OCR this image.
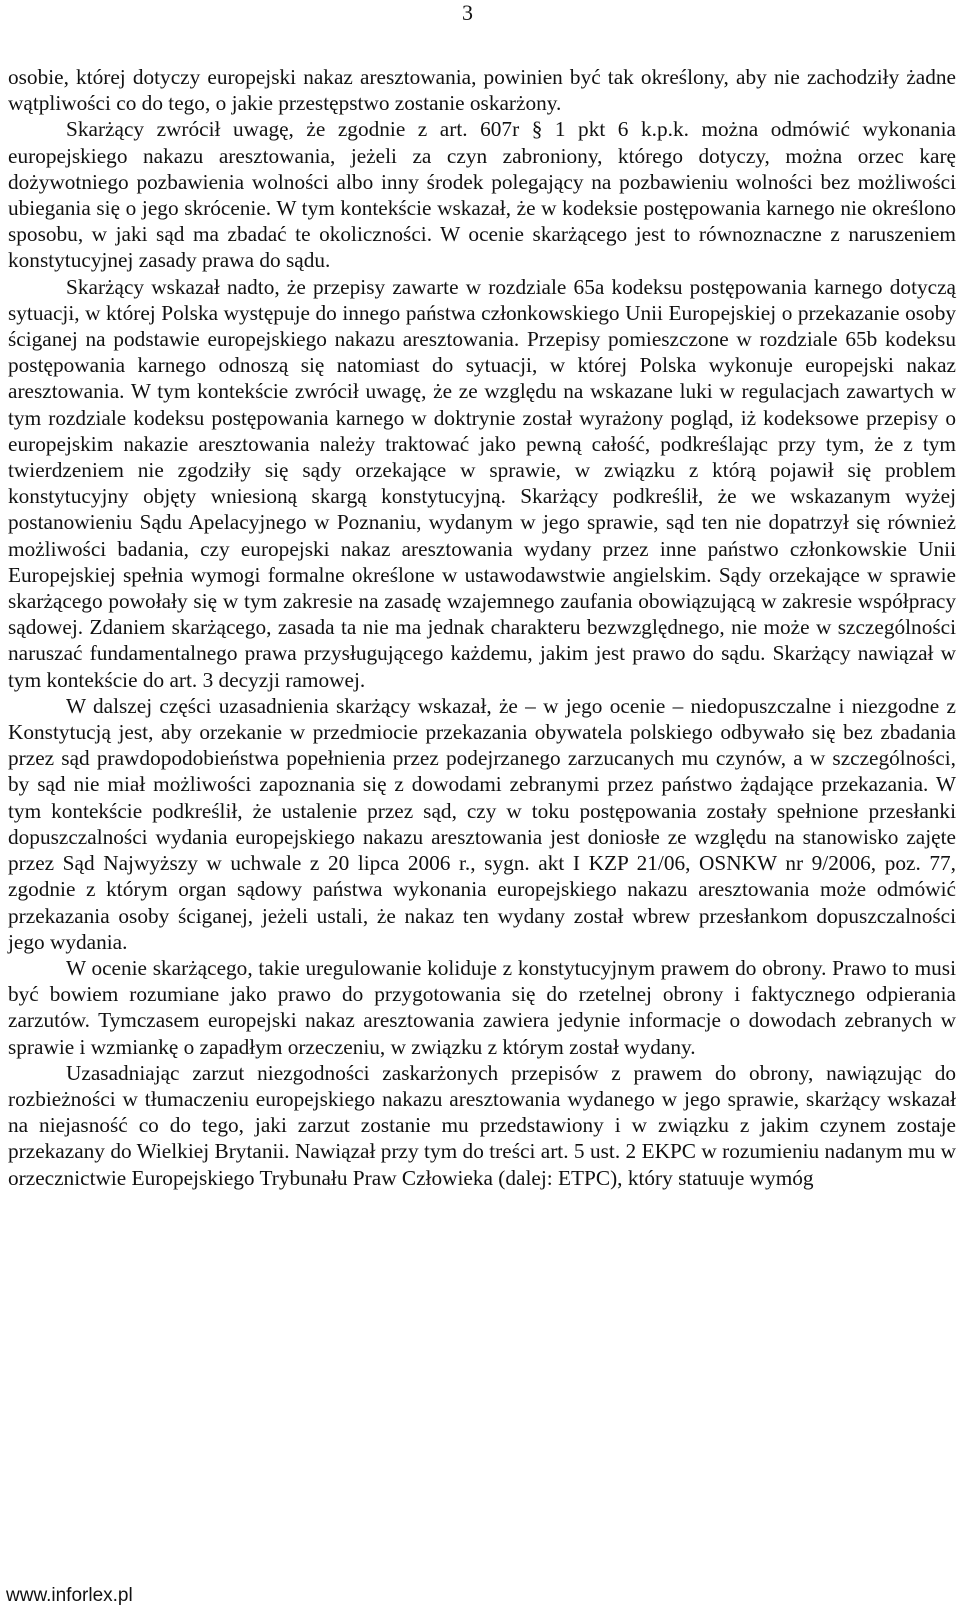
3

osobie, której dotyczy europejski nakaz aresztowania, powinien być tak określony, aby nie zachodziły żadne wątpliwości co do tego, o jakie przestępstwo zostanie oskarżony.

Skarżący zwrócił uwagę, że zgodnie z art. 607r § 1 pkt 6 k.p.k. można odmówić wykonania europejskiego nakazu aresztowania, jeżeli za czyn zabroniony, którego dotyczy, można orzec karę dożywotniego pozbawienia wolności albo inny środek polegający na pozbawieniu wolności bez możliwości ubiegania się o jego skrócenie. W tym kontekście wskazał, że w kodeksie postępowania karnego nie określono sposobu, w jaki sąd ma zbadać te okoliczności. W ocenie skarżącego jest to równoznaczne z naruszeniem konstytucyjnej zasady prawa do sądu.

Skarżący wskazał nadto, że przepisy zawarte w rozdziale 65a kodeksu postępowania karnego dotyczą sytuacji, w której Polska występuje do innego państwa członkowskiego Unii Europejskiej o przekazanie osoby ściganej na podstawie europejskiego nakazu aresztowania. Przepisy pomieszczone w rozdziale 65b kodeksu postępowania karnego odnoszą się natomiast do sytuacji, w której Polska wykonuje europejski nakaz aresztowania. W tym kontekście zwrócił uwagę, że ze względu na wskazane luki w regulacjach zawartych w tym rozdziale kodeksu postępowania karnego w doktrynie został wyrażony pogląd, iż kodeksowe przepisy o europejskim nakazie aresztowania należy traktować jako pewną całość, podkreślając przy tym, że z tym twierdzeniem nie zgodziły się sądy orzekające w sprawie, w związku z którą pojawił się problem konstytucyjny objęty wniesioną skargą konstytucyjną. Skarżący podkreślił, że we wskazanym wyżej postanowieniu Sądu Apelacyjnego w Poznaniu, wydanym w jego sprawie, sąd ten nie dopatrzył się również możliwości badania, czy europejski nakaz aresztowania wydany przez inne państwo członkowskie Unii Europejskiej spełnia wymogi formalne określone w ustawodawstwie angielskim. Sądy orzekające w sprawie skarżącego powołały się w tym zakresie na zasadę wzajemnego zaufania obowiązującą w zakresie współpracy sądowej. Zdaniem skarżącego, zasada ta nie ma jednak charakteru bezwzględnego, nie może w szczególności naruszać fundamentalnego prawa przysługującego każdemu, jakim jest prawo do sądu. Skarżący nawiązał w tym kontekście do art. 3 decyzji ramowej.

W dalszej części uzasadnienia skarżący wskazał, że – w jego ocenie – niedopuszczalne i niezgodne z Konstytucją jest, aby orzekanie w przedmiocie przekazania obywatela polskiego odbywało się bez zbadania przez sąd prawdopodobieństwa popełnienia przez podejrzanego zarzucanych mu czynów, a w szczególności, by sąd nie miał możliwości zapoznania się z dowodami zebranymi przez państwo żądające przekazania. W tym kontekście podkreślił, że ustalenie przez sąd, czy w toku postępowania zostały spełnione przesłanki dopuszczalności wydania europejskiego nakazu aresztowania jest doniosłe ze względu na stanowisko zajęte przez Sąd Najwyższy w uchwale z 20 lipca 2006 r., sygn. akt I KZP 21/06, OSNKW nr 9/2006, poz. 77, zgodnie z którym organ sądowy państwa wykonania europejskiego nakazu aresztowania może odmówić przekazania osoby ściganej, jeżeli ustali, że nakaz ten wydany został wbrew przesłankom dopuszczalności jego wydania.

W ocenie skarżącego, takie uregulowanie koliduje z konstytucyjnym prawem do obrony. Prawo to musi być bowiem rozumiane jako prawo do przygotowania się do rzetelnej obrony i faktycznego odpierania zarzutów. Tymczasem europejski nakaz aresztowania zawiera jedynie informacje o dowodach zebranych w sprawie i wzmiankę o zapadłym orzeczeniu, w związku z którym został wydany.

Uzasadniając zarzut niezgodności zaskarżonych przepisów z prawem do obrony, nawiązując do rozbieżności w tłumaczeniu europejskiego nakazu aresztowania wydanego w jego sprawie, skarżący wskazał na niejasność co do tego, jaki zarzut zostanie mu przedstawiony i w związku z jakim czynem zostaje przekazany do Wielkiej Brytanii. Nawiązał przy tym do treści art. 5 ust. 2 EKPC w rozumieniu nadanym mu w orzecznictwie Europejskiego Trybunału Praw Człowieka (dalej: ETPC), który statuuje wymóg

www.inforlex.pl
